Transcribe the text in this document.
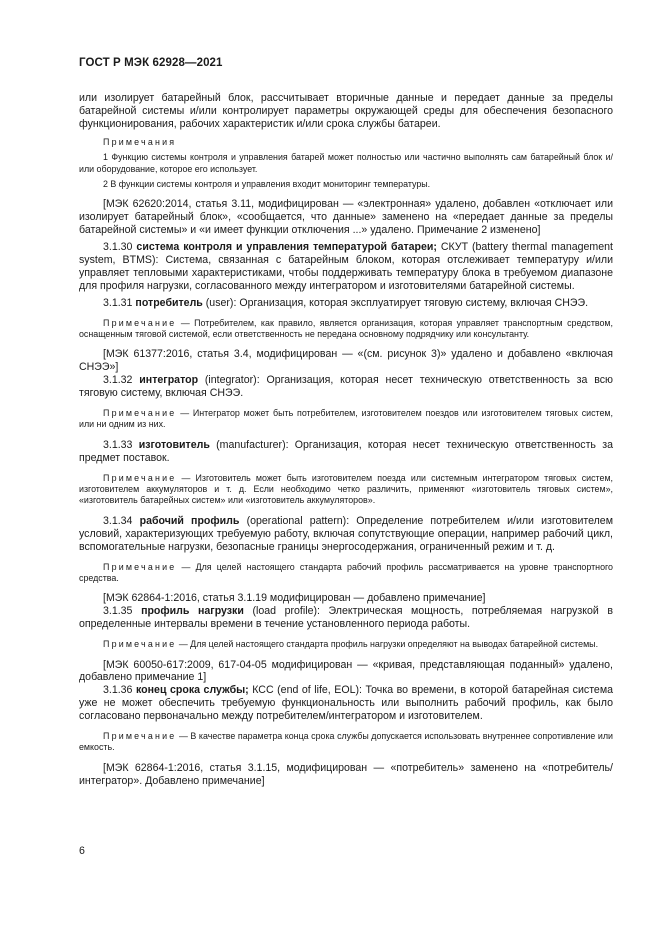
ГОСТ Р МЭК 62928—2021

или изолирует батарейный блок, рассчитывает вторичные данные и передает данные за пределы батарейной системы и/или контролирует параметры окружающей среды для обеспечения безопасного функционирования, рабочих характеристик и/или срока службы батареи.

Примечания

1 Функцию системы контроля и управления батарей может полностью или частично выполнять сам батарейный блок и/или оборудование, которое его использует.

2 В функции системы контроля и управления входит мониторинг температуры.

[МЭК 62620:2014, статья 3.11, модифицирован — «электронная» удалено, добавлен «отключает или изолирует батарейный блок», «сообщается, что данные» заменено на «передает данные за пределы батарейной системы» и «и имеет функции отключения ...» удалено. Примечание 2 изменено]

3.1.30 система контроля и управления температурой батареи; СКУТ (battery thermal management system, BTMS): Система, связанная с батарейным блоком, которая отслеживает температуру и/или управляет тепловыми характеристиками, чтобы поддерживать температуру блока в требуемом диапазоне для профиля нагрузки, согласованного между интегратором и изготовителями батарейной системы.

3.1.31 потребитель (user): Организация, которая эксплуатирует тяговую систему, включая СНЭЭ.

Примечание — Потребителем, как правило, является организация, которая управляет транспортным средством, оснащенным тяговой системой, если ответственность не передана основному подрядчику или консультанту.

[МЭК 61377:2016, статья 3.4, модифицирован — «(см. рисунок 3)» удалено и добавлено «включая СНЭЭ»]

3.1.32 интегратор (integrator): Организация, которая несет техническую ответственность за всю тяговую систему, включая СНЭЭ.

Примечание — Интегратор может быть потребителем, изготовителем поездов или изготовителем тяговых систем, или ни одним из них.

3.1.33 изготовитель (manufacturer): Организация, которая несет техническую ответственность за предмет поставок.

Примечание — Изготовитель может быть изготовителем поезда или системным интегратором тяговых систем, изготовителем аккумуляторов и т. д. Если необходимо четко различить, применяют «изготовитель тяговых систем», «изготовитель батарейных систем» или «изготовитель аккумуляторов».

3.1.34 рабочий профиль (operational pattern): Определение потребителем и/или изготовителем условий, характеризующих требуемую работу, включая сопутствующие операции, например рабочий цикл, вспомогательные нагрузки, безопасные границы энергосодержания, ограниченный режим и т. д.

Примечание — Для целей настоящего стандарта рабочий профиль рассматривается на уровне транспортного средства.

[МЭК 62864-1:2016, статья 3.1.19 модифицирован — добавлено примечание]

3.1.35 профиль нагрузки (load profile): Электрическая мощность, потребляемая нагрузкой в определенные интервалы времени в течение установленного периода работы.

Примечание — Для целей настоящего стандарта профиль нагрузки определяют на выводах батарейной системы.

[МЭК 60050-617:2009, 617-04-05 модифицирован — «кривая, представляющая поданный» удалено, добавлено примечание 1]

3.1.36 конец срока службы; КСС (end of life, EOL): Точка во времени, в которой батарейная система уже не может обеспечить требуемую функциональность или выполнить рабочий профиль, как было согласовано первоначально между потребителем/интегратором и изготовителем.

Примечание — В качестве параметра конца срока службы допускается использовать внутреннее сопротивление или емкость.

[МЭК 62864-1:2016, статья 3.1.15, модифицирован — «потребитель» заменено на «потребитель/интегратор». Добавлено примечание]

6
